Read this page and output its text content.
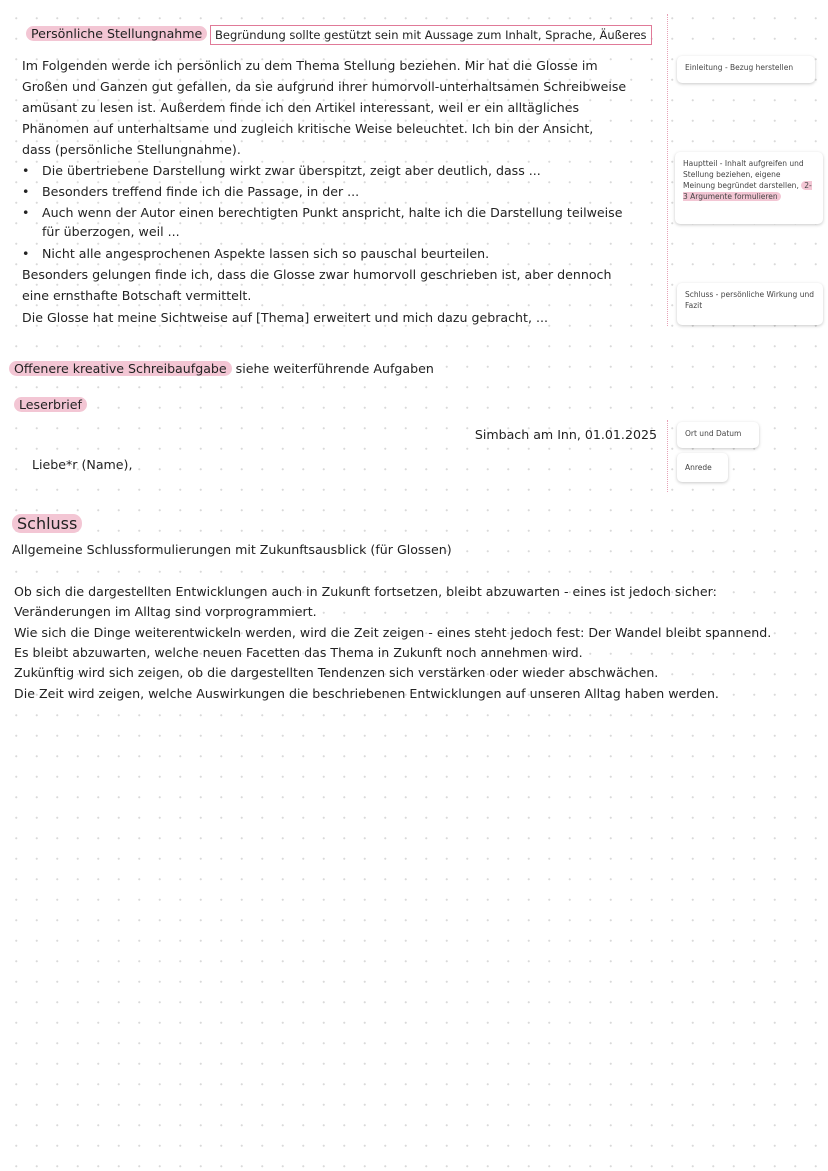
Persönliche Stellungnahme	Begründung sollte gestützt sein mit Aussage zum Inhalt, Sprache, Äußeres
Im Folgenden werde ich persönlich zu dem Thema Stellung beziehen. Mir hat die Glosse im
Großen und Ganzen gut gefallen, da sie aufgrund ihrer humorvoll-unterhaltsamen Schreibweise
amüsant zu lesen ist. Außerdem finde ich den Artikel interessant, weil er ein alltägliches
Phänomen auf unterhaltsame und zugleich kritische Weise beleuchtet. Ich bin der Ansicht,
dass (persönliche Stellungnahme).
• Die übertriebene Darstellung wirkt zwar überspitzt, zeigt aber deutlich, dass ...
• Besonders treffend finde ich die Passage, in der ...
• Auch wenn der Autor einen berechtigten Punkt anspricht, halte ich die Darstellung teilweise
für überzogen, weil ...
• Nicht alle angesprochenen Aspekte lassen sich so pauschal beurteilen.
Besonders gelungen finde ich, dass die Glosse zwar humorvoll geschrieben ist, aber dennoch
eine ernsthafte Botschaft vermittelt.
Die Glosse hat meine Sichtweise auf [Thema] erweitert und mich dazu gebracht, ...
Einleitung - Bezug herstellen
Hauptteil - Inhalt aufgreifen und Stellung beziehen, eigene Meinung begründet darstellen, 2-3 Argumente formulieren
Schluss - persönliche Wirkung und Fazit
Ort und Datum
Anrede
Offenere kreative Schreibaufgabe siehe weiterführende Aufgaben
Leserbrief
Simbach am Inn, 01.01.2025
Liebe*r (Name),
Schluss
Allgemeine Schlussformulierungen mit Zukunftsausblick (für Glossen)
Ob sich die dargestellten Entwicklungen auch in Zukunft fortsetzen, bleibt abzuwarten - eines ist jedoch sicher:
Veränderungen im Alltag sind vorprogrammiert.
Wie sich die Dinge weiterentwickeln werden, wird die Zeit zeigen - eines steht jedoch fest: Der Wandel bleibt spannend.
Es bleibt abzuwarten, welche neuen Facetten das Thema in Zukunft noch annehmen wird.
Zukünftig wird sich zeigen, ob die dargestellten Tendenzen sich verstärken oder wieder abschwächen.
Die Zeit wird zeigen, welche Auswirkungen die beschriebenen Entwicklungen auf unseren Alltag haben werden.
